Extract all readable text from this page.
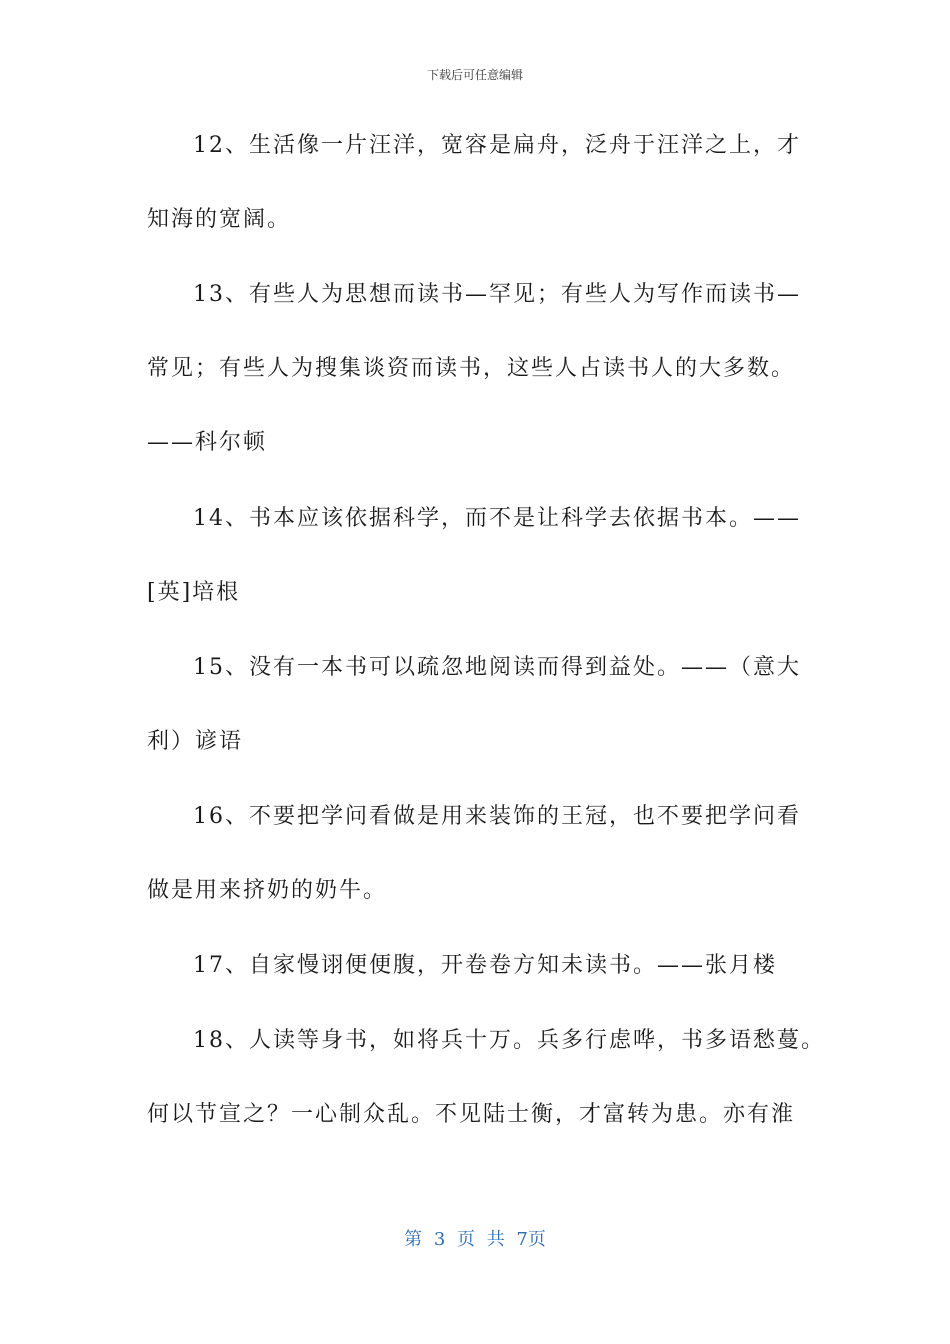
下载后可任意编辑
12、生活像一片汪洋，宽容是扁舟，泛舟于汪洋之上，才
知海的宽阔。
13、有些人为思想而读书—罕见；有些人为写作而读书—
常见；有些人为搜集谈资而读书，这些人占读书人的大多数。
——科尔顿
14、书本应该依据科学，而不是让科学去依据书本。——
[英]培根
15、没有一本书可以疏忽地阅读而得到益处。——（意大
利）谚语
16、不要把学问看做是用来装饰的王冠，也不要把学问看
做是用来挤奶的奶牛。
17、自家慢诩便便腹，开卷卷方知未读书。——张月楼
18、人读等身书，如将兵十万。兵多行虑哗，书多语愁蔓。
何以节宣之？一心制众乱。不见陆士衡，才富转为患。亦有淮
第 3 页 共 7页
